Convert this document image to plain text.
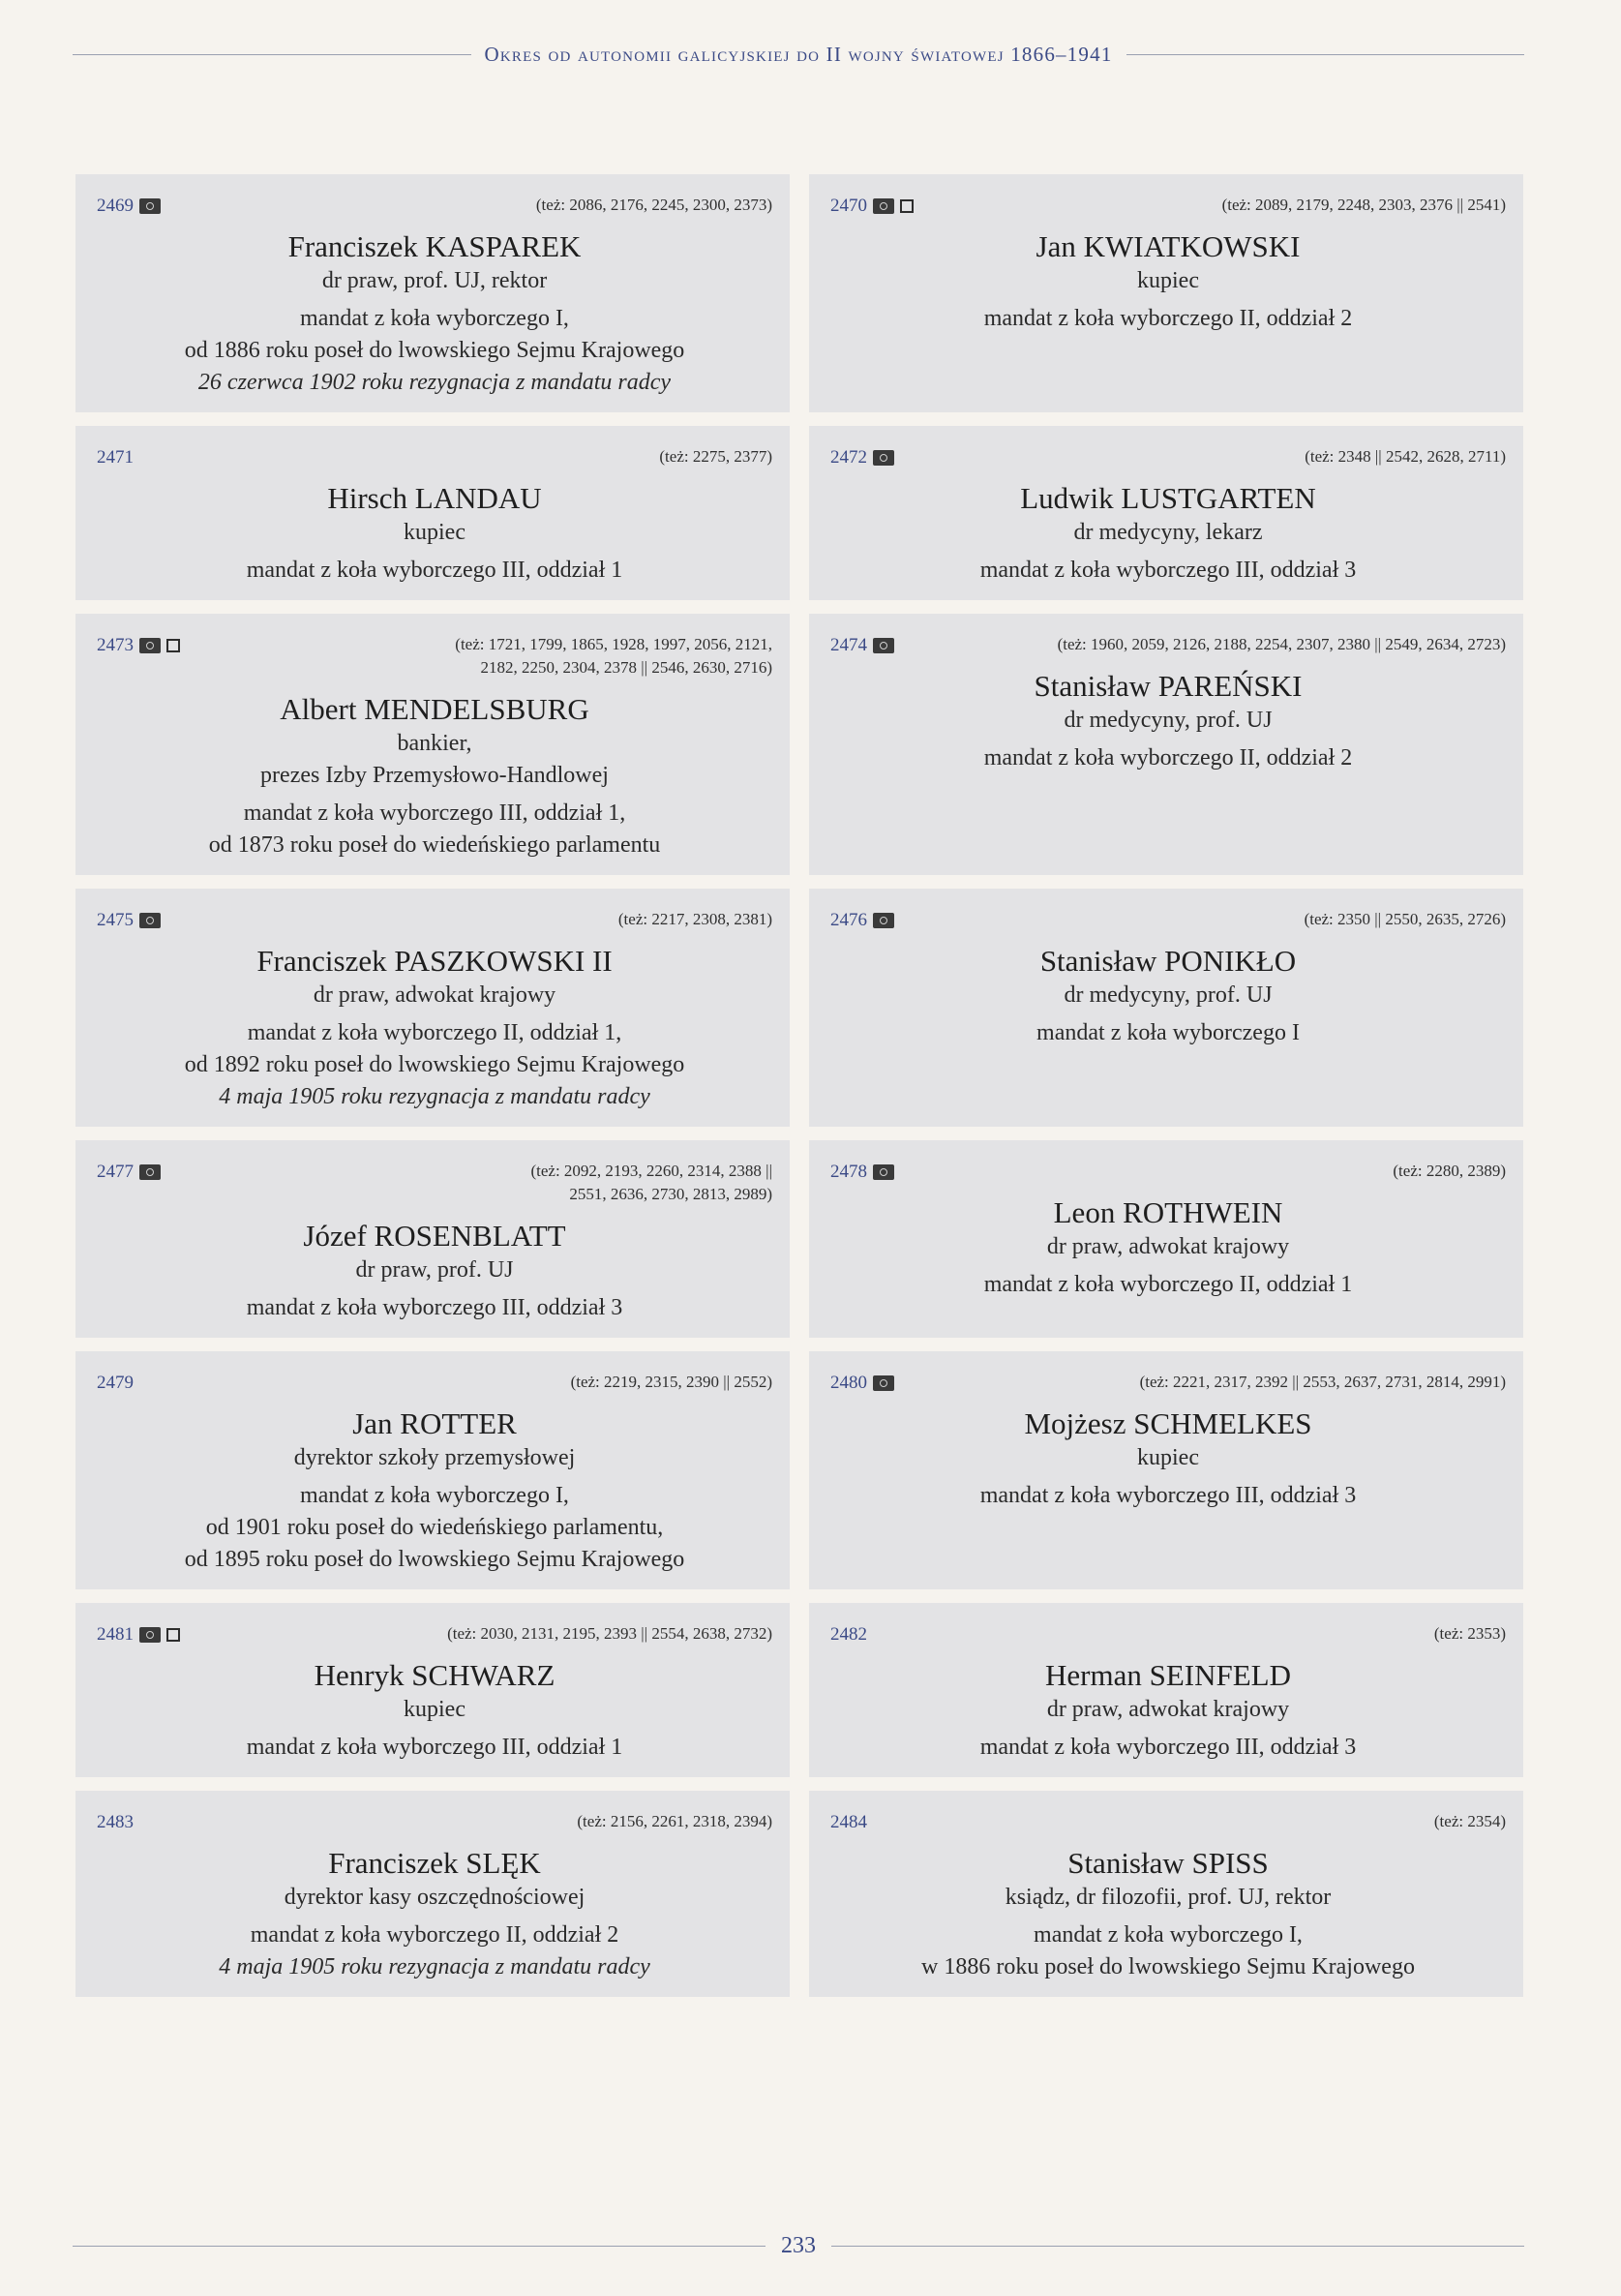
Okres od autonomii galicyjskiej do II wojny światowej 1866–1941
2469	(też: 2086, 2176, 2245, 2300, 2373)
Franciszek KASPAREK
dr praw, prof. UJ, rektor
mandat z koła wyborczego I,
od 1886 roku poseł do lwowskiego Sejmu Krajowego
26 czerwca 1902 roku rezygnacja z mandatu radcy
2470	(też: 2089, 2179, 2248, 2303, 2376 || 2541)
Jan KWIATKOWSKI
kupiec
mandat z koła wyborczego II, oddział 2
2471	(też: 2275, 2377)
Hirsch LANDAU
kupiec
mandat z koła wyborczego III, oddział 1
2472	(też: 2348 || 2542, 2628, 2711)
Ludwik LUSTGARTEN
dr medycyny, lekarz
mandat z koła wyborczego III, oddział 3
2473	(też: 1721, 1799, 1865, 1928, 1997, 2056, 2121,
2182, 2250, 2304, 2378 || 2546, 2630, 2716)
Albert MENDELSBURG
bankier,
prezes Izby Przemysłowo-Handlowej
mandat z koła wyborczego III, oddział 1,
od 1873 roku poseł do wiedeńskiego parlamentu
2474	(też: 1960, 2059, 2126, 2188, 2254, 2307, 2380 || 2549, 2634, 2723)
Stanisław PAREŃSKI
dr medycyny, prof. UJ
mandat z koła wyborczego II, oddział 2
2475	(też: 2217, 2308, 2381)
Franciszek PASZKOWSKI II
dr praw, adwokat krajowy
mandat z koła wyborczego II, oddział 1,
od 1892 roku poseł do lwowskiego Sejmu Krajowego
4 maja 1905 roku rezygnacja z mandatu radcy
2476	(też: 2350 || 2550, 2635, 2726)
Stanisław PONIKŁO
dr medycyny, prof. UJ
mandat z koła wyborczego I
2477	(też: 2092, 2193, 2260, 2314, 2388 ||
2551, 2636, 2730, 2813, 2989)
Józef ROSENBLATT
dr praw, prof. UJ
mandat z koła wyborczego III, oddział 3
2478	(też: 2280, 2389)
Leon ROTHWEIN
dr praw, adwokat krajowy
mandat z koła wyborczego II, oddział 1
2479	(też: 2219, 2315, 2390 || 2552)
Jan ROTTER
dyrektor szkoły przemysłowej
mandat z koła wyborczego I,
od 1901 roku poseł do wiedeńskiego parlamentu,
od 1895 roku poseł do lwowskiego Sejmu Krajowego
2480	(też: 2221, 2317, 2392 || 2553, 2637, 2731, 2814, 2991)
Mojżesz SCHMELKES
kupiec
mandat z koła wyborczego III, oddział 3
2481	(też: 2030, 2131, 2195, 2393 || 2554, 2638, 2732)
Henryk SCHWARZ
kupiec
mandat z koła wyborczego III, oddział 1
2482	(też: 2353)
Herman SEINFELD
dr praw, adwokat krajowy
mandat z koła wyborczego III, oddział 3
2483	(też: 2156, 2261, 2318, 2394)
Franciszek SLĘK
dyrektor kasy oszczędnościowej
mandat z koła wyborczego II, oddział 2
4 maja 1905 roku rezygnacja z mandatu radcy
2484	(też: 2354)
Stanisław SPISS
ksiądz, dr filozofii, prof. UJ, rektor
mandat z koła wyborczego I,
w 1886 roku poseł do lwowskiego Sejmu Krajowego
233
